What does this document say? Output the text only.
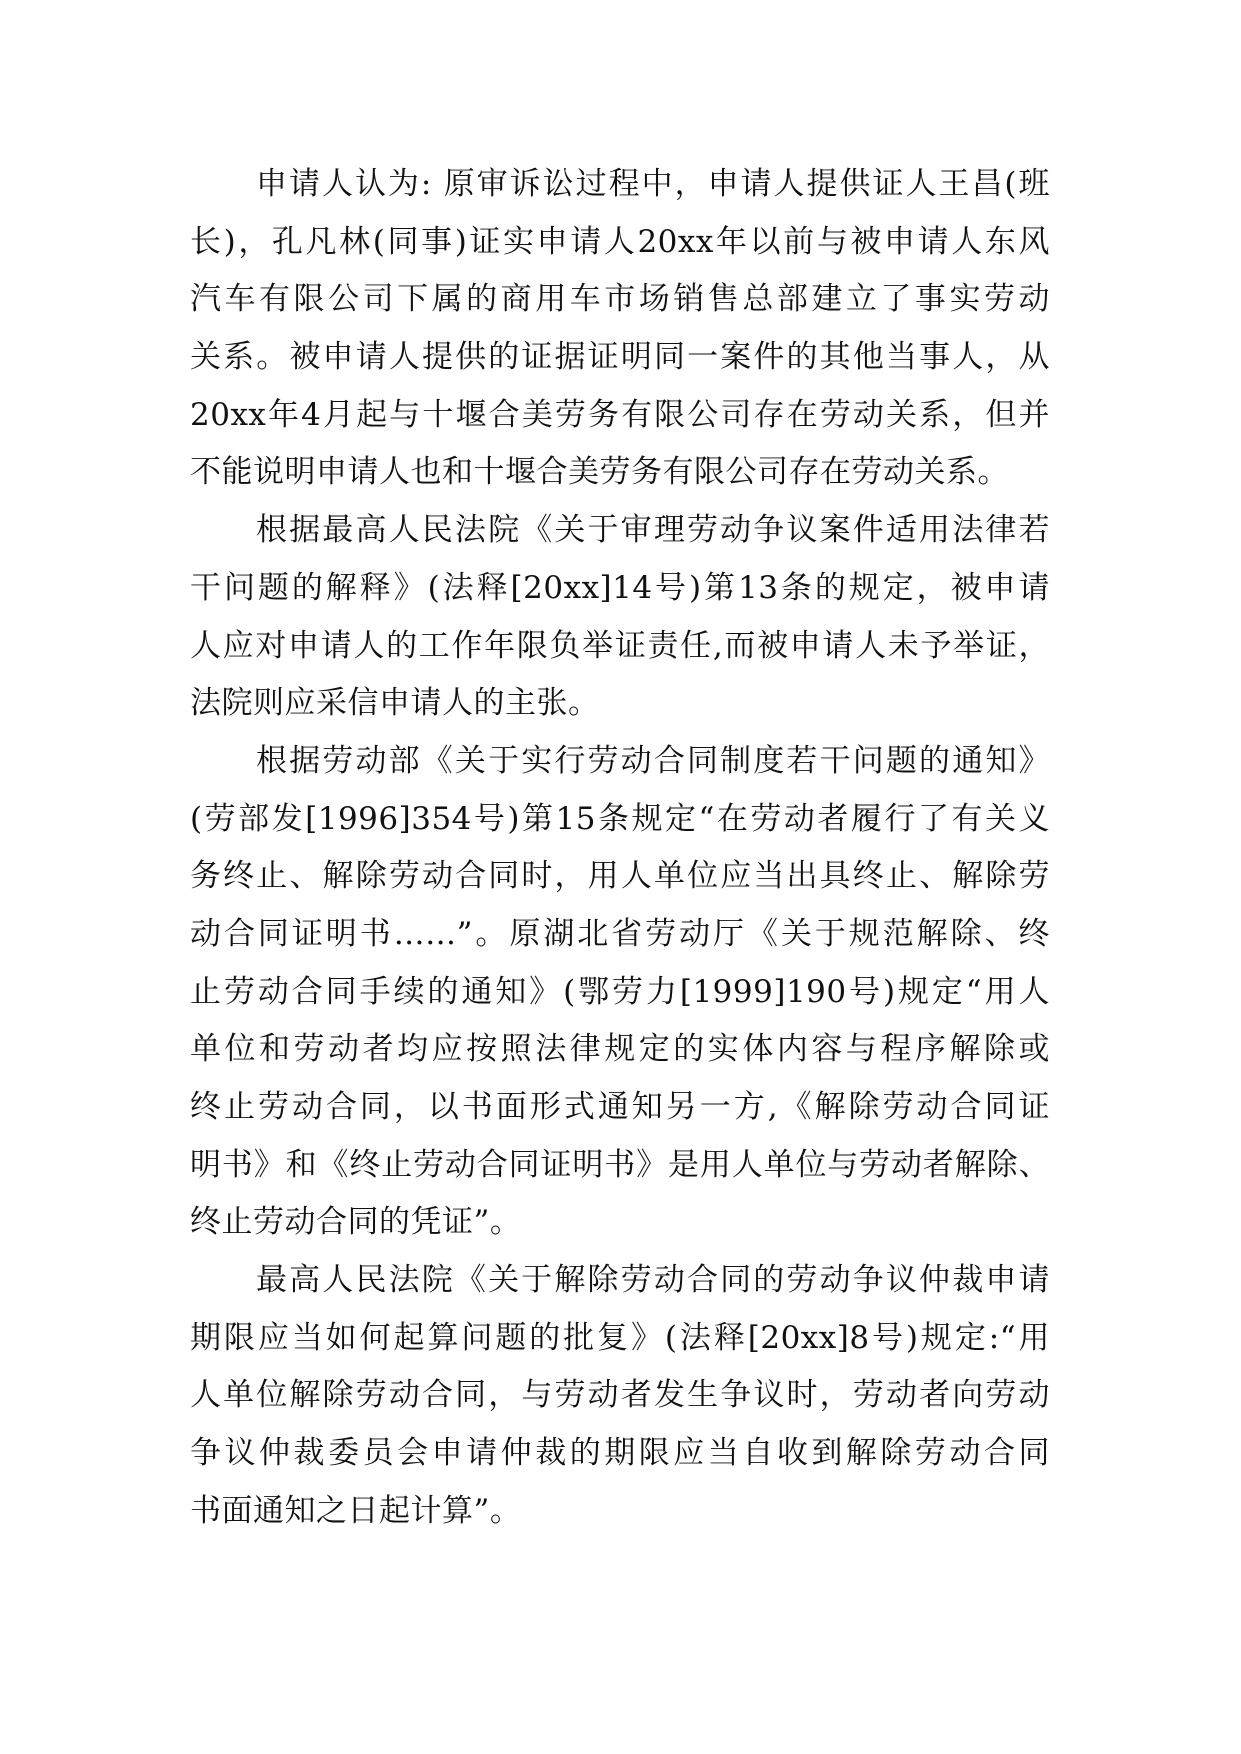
申请人认为: 原审诉讼过程中，申请人提供证人王昌(班
长)，孔凡林(同事)证实申请人20xx年以前与被申请人东风
汽车有限公司下属的商用车市场销售总部建立了事实劳动
关系。被申请人提供的证据证明同一案件的其他当事人，从
20xx年4月起与十堰合美劳务有限公司存在劳动关系，但并
不能说明申请人也和十堰合美劳务有限公司存在劳动关系。
根据最高人民法院《关于审理劳动争议案件适用法律若
干问题的解释》(法释[20xx]14号)第13条的规定，被申请
人应对申请人的工作年限负举证责任,而被申请人未予举证，
法院则应采信申请人的主张。
根据劳动部《关于实行劳动合同制度若干问题的通知》
(劳部发[1996]354号)第15条规定“在劳动者履行了有关义
务终止、解除劳动合同时，用人单位应当出具终止、解除劳
动合同证明书……”。原湖北省劳动厅《关于规范解除、终
止劳动合同手续的通知》(鄂劳力[1999]190号)规定“用人
单位和劳动者均应按照法律规定的实体内容与程序解除或
终止劳动合同，以书面形式通知另一方,《解除劳动合同证
明书》和《终止劳动合同证明书》是用人单位与劳动者解除、
终止劳动合同的凭证”。
最高人民法院《关于解除劳动合同的劳动争议仲裁申请
期限应当如何起算问题的批复》(法释[20xx]8号)规定:“用
人单位解除劳动合同，与劳动者发生争议时，劳动者向劳动
争议仲裁委员会申请仲裁的期限应当自收到解除劳动合同
书面通知之日起计算”。
